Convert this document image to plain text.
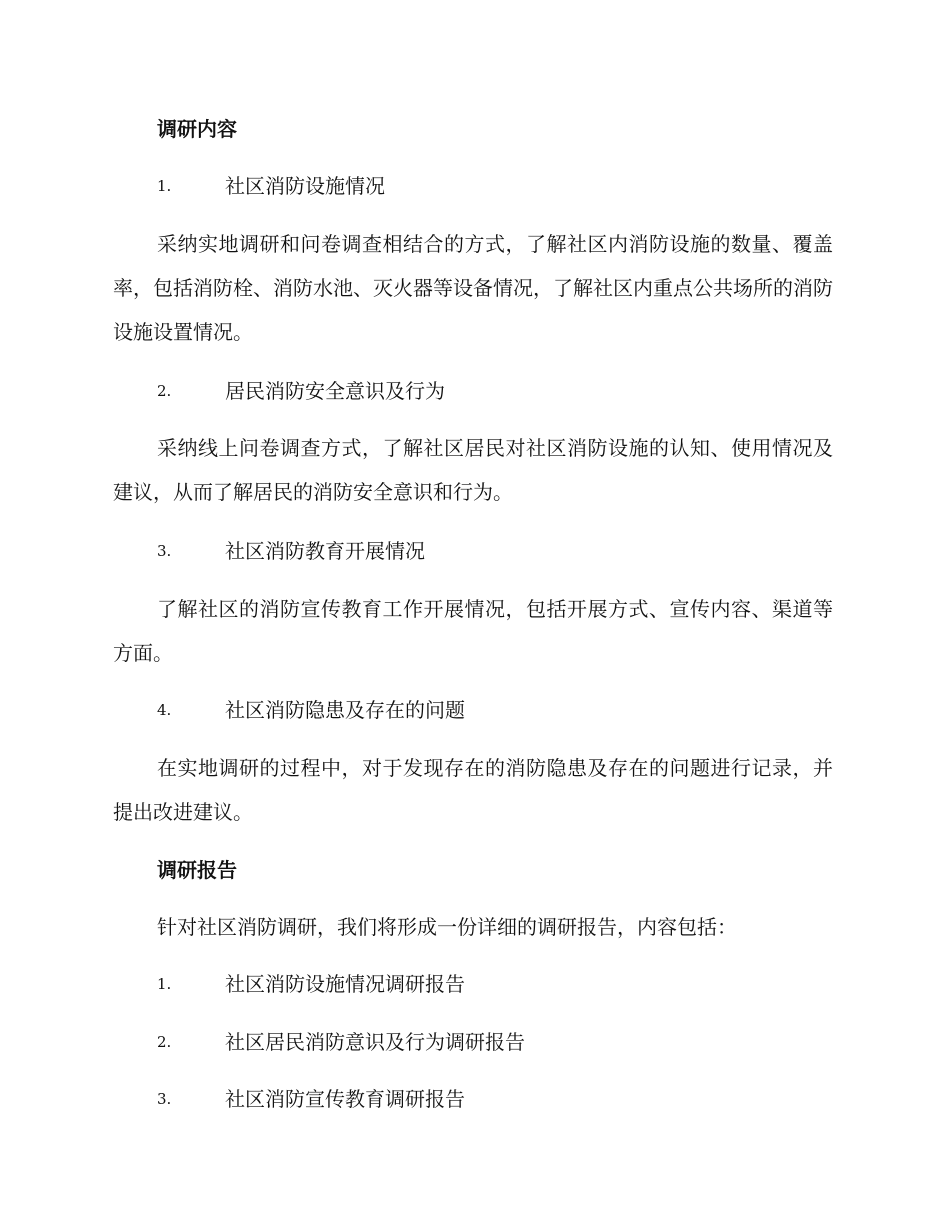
调研内容
1.	社区消防设施情况

采纳实地调研和问卷调查相结合的方式，了解社区内消防设施的数量、覆盖率，包括消防栓、消防水池、灭火器等设备情况，了解社区内重点公共场所的消防设施设置情况。

2.	居民消防安全意识及行为

采纳线上问卷调查方式，了解社区居民对社区消防设施的认知、使用情况及建议，从而了解居民的消防安全意识和行为。

3.	社区消防教育开展情况

了解社区的消防宣传教育工作开展情况，包括开展方式、宣传内容、渠道等方面。

4.	社区消防隐患及存在的问题

在实地调研的过程中，对于发现存在的消防隐患及存在的问题进行记录，并提出改进建议。

调研报告

针对社区消防调研，我们将形成一份详细的调研报告，内容包括：

1.	社区消防设施情况调研报告
2.	社区居民消防意识及行为调研报告
3.	社区消防宣传教育调研报告
